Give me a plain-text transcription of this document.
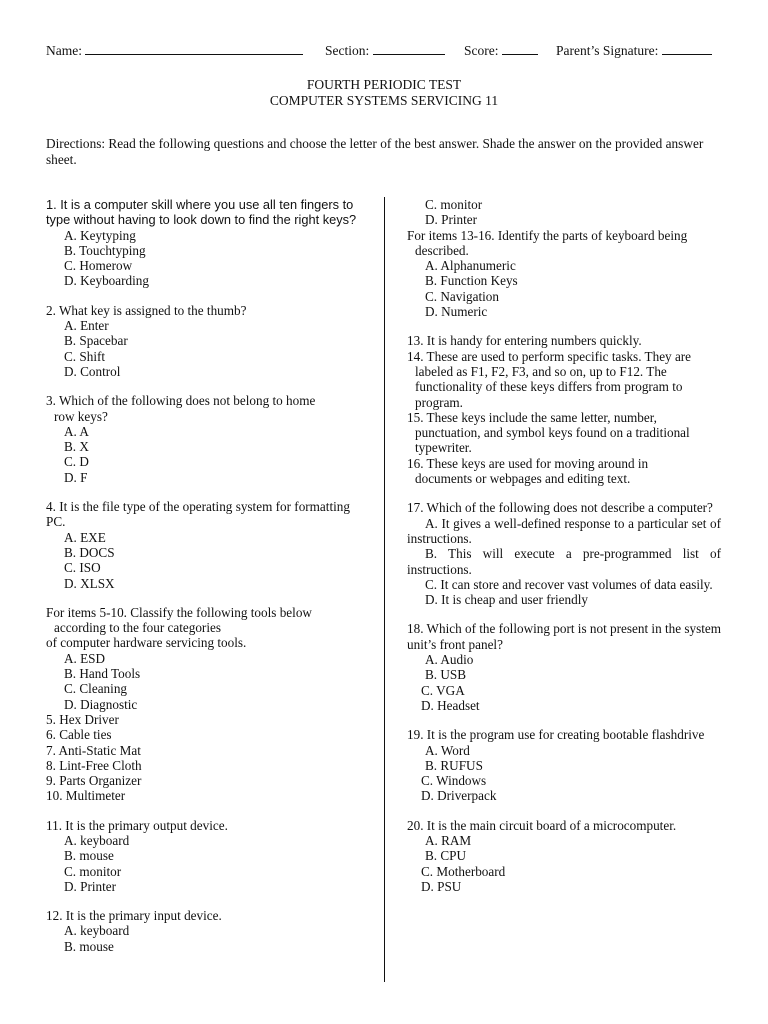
Name:	Section:	Score:	Parent’s Signature:
FOURTH PERIODIC TEST
COMPUTER SYSTEMS SERVICING 11
Directions: Read the following questions and choose the letter of the best answer. Shade the answer on the provided answer sheet.
1. It is a computer skill where you use all ten fingers to type without having to look down to find the right keys?
A. Keytyping
B. Touchtyping
C. Homerow
D. Keyboarding
2. What key is assigned to the thumb?
A. Enter
B. Spacebar
C. Shift
D. Control
3. Which of the following does not belong to home
row keys?
A. A
B. X
C. D
D. F
4. It is the file type of the operating system for formatting PC.
A. EXE
B. DOCS
C. ISO
D. XLSX
For items 5-10. Classify the following tools below
according to the four categories
of computer hardware servicing tools.
A. ESD
B. Hand Tools
C. Cleaning
D. Diagnostic
5. Hex Driver
6. Cable ties
7. Anti-Static Mat
8. Lint-Free Cloth
9. Parts Organizer
10. Multimeter
11. It is the primary output device.
A. keyboard
B. mouse
C. monitor
D. Printer
12. It is the primary input device.
A. keyboard
B. mouse
C. monitor
D. Printer
For items 13-16. Identify the parts of keyboard being
described.
A. Alphanumeric
B. Function Keys
C. Navigation
D. Numeric
13. It is handy for entering numbers quickly.
14. These are used to perform specific tasks. They are
labeled as F1, F2, F3, and so on, up to F12. The
functionality of these keys differs from program to
program.
15. These keys include the same letter, number,
punctuation, and symbol keys found on a traditional
typewriter.
16. These keys are used for moving around in
documents or webpages and editing text.
17. Which of the following does not describe a computer?
A. It gives a well-defined response to a particular set of instructions.
B. This will execute a pre-programmed list of instructions.
C. It can store and recover vast volumes of data easily.
D. It is cheap and user friendly
18. Which of the following port is not present in the system unit’s front panel?
A. Audio
B. USB
C. VGA
D. Headset
19. It is the program use for creating bootable flashdrive
A. Word
B. RUFUS
C. Windows
D. Driverpack
20. It is the main circuit board of a microcomputer.
A. RAM
B. CPU
C. Motherboard
D. PSU
